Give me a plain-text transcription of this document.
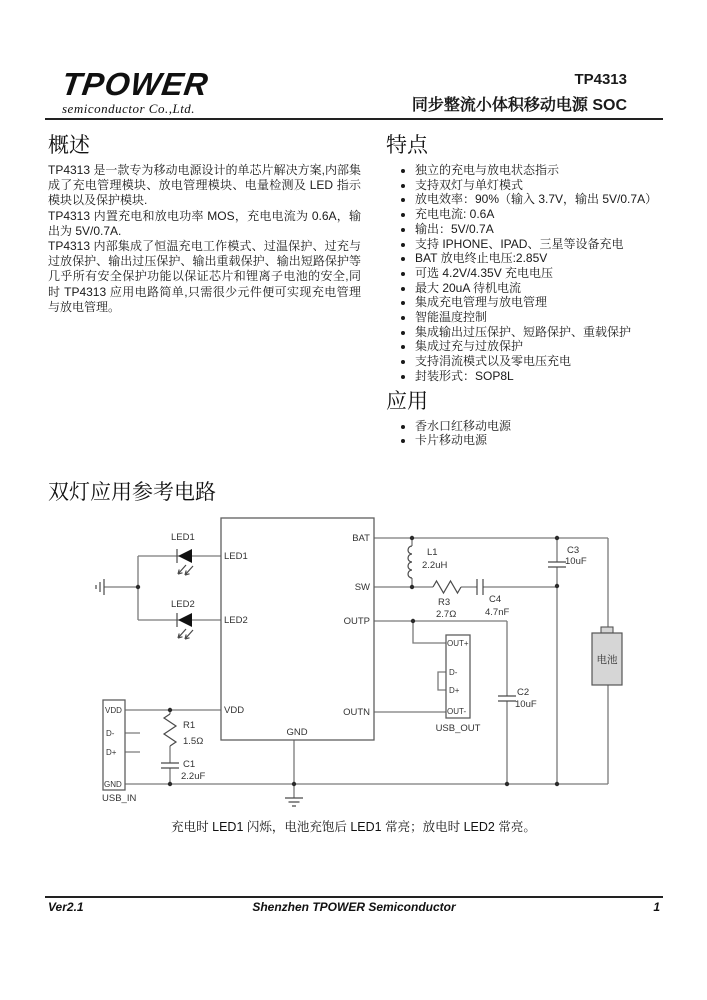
TPOWER
semiconductor Co.,Ltd.
TP4313
同步整流小体积移动电源 SOC
概述

TP4313 是一款专为移动电源设计的单芯片解决方案,内部集成了充电管理模块、放电管理模块、电量检测及 LED 指示模块以及保护模块.

TP4313 内置充电和放电功率 MOS，充电电流为 0.6A，输出为 5V/0.7A.

TP4313 内部集成了恒温充电工作模式、过温保护、过充与过放保护、输出过压保护、输出重载保护、输出短路保护等几乎所有安全保护功能以保证芯片和锂离子电池的安全,同时 TP4313 应用电路简单,只需很少元件便可实现充电管理与放电管理。

特点
• 独立的充电与放电状态指示
• 支持双灯与单灯模式
• 放电效率：90%（输入 3.7V，输出 5V/0.7A）
• 充电电流: 0.6A
• 输出：5V/0.7A
• 支持 IPHONE、IPAD、三星等设备充电
• BAT 放电终止电压:2.85V
• 可选 4.2V/4.35V 充电电压
• 最大 20uA 待机电流
• 集成充电管理与放电管理
• 智能温度控制
• 集成输出过压保护、短路保护、重载保护
• 集成过充与过放保护
• 支持涓流模式以及零电压充电
• 封装形式：SOP8L
应用
• 香水口红移动电源
• 卡片移动电源
双灯应用参考电路
LED1
LED2
VDD
BAT
SW
OUTP
OUTN
GND
LED1
LED2
L1
2.2uH
R3
2.7Ω
C4
4.7nF
C3
10uF
C2
10uF
R1
1.5Ω
C1
2.2uF
电池
VDD
D-
D+
GND
USB_IN
OUT+
D-
D+
OUT-
USB_OUT
充电时 LED1 闪烁，电池充饱后 LED1 常亮；放电时 LED2 常亮。
Ver2.1	Shenzhen TPOWER Semiconductor	1
